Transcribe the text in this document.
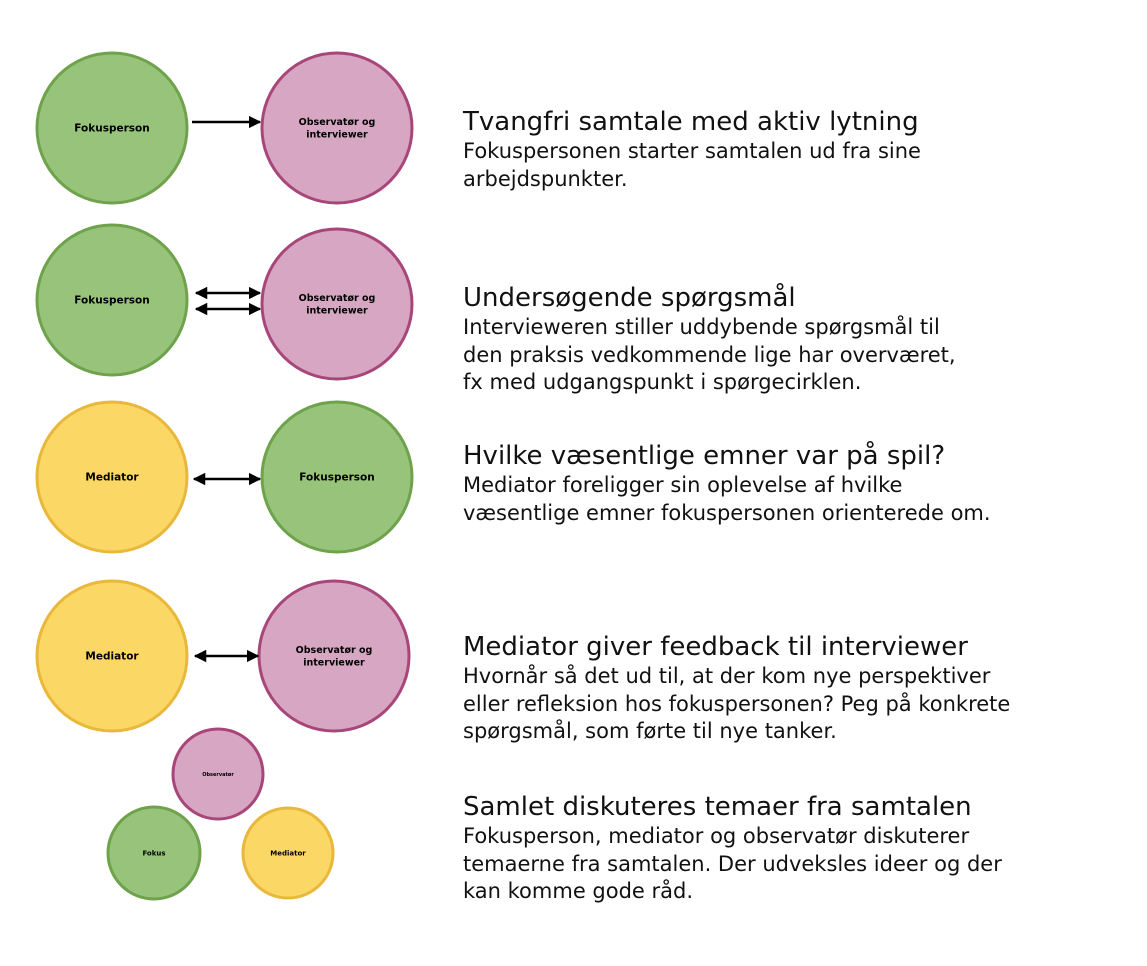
Fokusperson
Observatør og interviewer
Fokusperson	Observatør og interviewer
Mediator	Fokusperson
Mediator
Observatør og interviewer
Observatør
Fokus	Mediator
Tvangfri samtale med aktiv lytning
Fokuspersonen starter samtalen ud fra sine
arbejdspunkter.
Undersøgende spørgsmål
Intervieweren stiller uddybende spørgsmål til
den praksis vedkommende lige har overværet,
fx med udgangspunkt i spørgecirklen.
Hvilke væsentlige emner var på spil?
Mediator foreligger sin oplevelse af hvilke
væsentlige emner fokuspersonen orienterede om.
Mediator giver feedback til interviewer
Hvornår så det ud til, at der kom nye perspektiver
eller refleksion hos fokuspersonen? Peg på konkrete
spørgsmål, som førte til nye tanker.
Samlet diskuteres temaer fra samtalen
Fokusperson, mediator og observatør diskuterer
temaerne fra samtalen. Der udveksles ideer og der
kan komme gode råd.
